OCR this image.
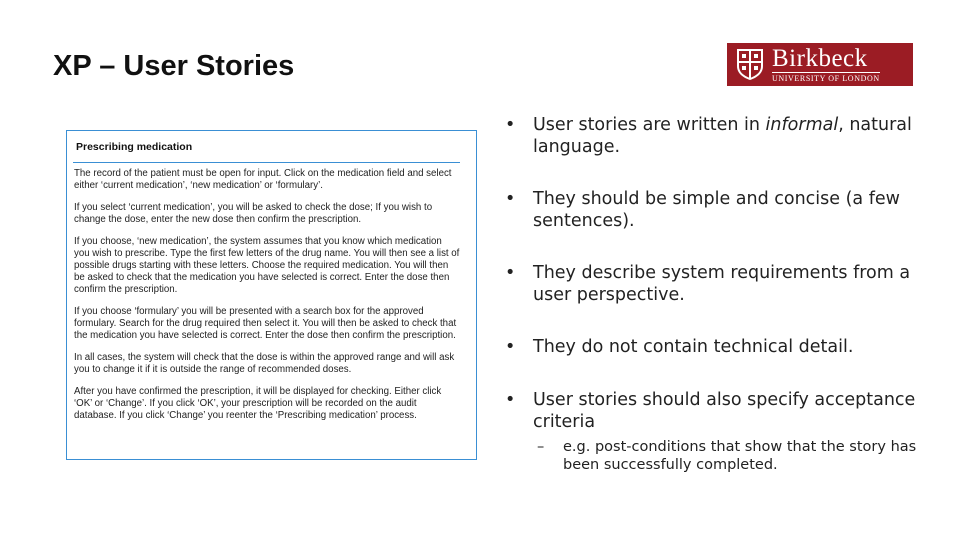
XP – User Stories	Birkbeck
UNIVERSITY OF LONDON
Prescribing medication

The record of the patient must be open for input. Click on the medication field and select either ‘current medication’, ‘new medication’ or ‘formulary’.

If you select ‘current medication’, you will be asked to check the dose; If you wish to change the dose, enter the new dose then confirm the prescription.

If you choose, ‘new medication’, the system assumes that you know which medication you wish to prescribe. Type the first few letters of the drug name. You will then see a list of possible drugs starting with these letters. Choose the required medication. You will then be asked to check that the medication you have selected is correct. Enter the dose then confirm the prescription.

If you choose ‘formulary’ you will be presented with a search box for the approved formulary. Search for the drug required then select it. You will then be asked to check that the medication you have selected is correct. Enter the dose then confirm the prescription.

In all cases, the system will check that the dose is within the approved range and will ask you to change it if it is outside the range of recommended doses.

After you have confirmed the prescription, it will be displayed for checking. Either click ‘OK’ or ‘Change’. If you click ‘OK’, your prescription will be recorded on the audit database. If you click ‘Change’ you reenter the ‘Prescribing medication’ process.

• User stories are written in informal, natural language.
• They should be simple and concise (a few sentences).
• They describe system requirements from a user perspective.
• They do not contain technical detail.
• User stories should also specify acceptance criteria
– e.g. post-conditions that show that the story has been successfully completed.
